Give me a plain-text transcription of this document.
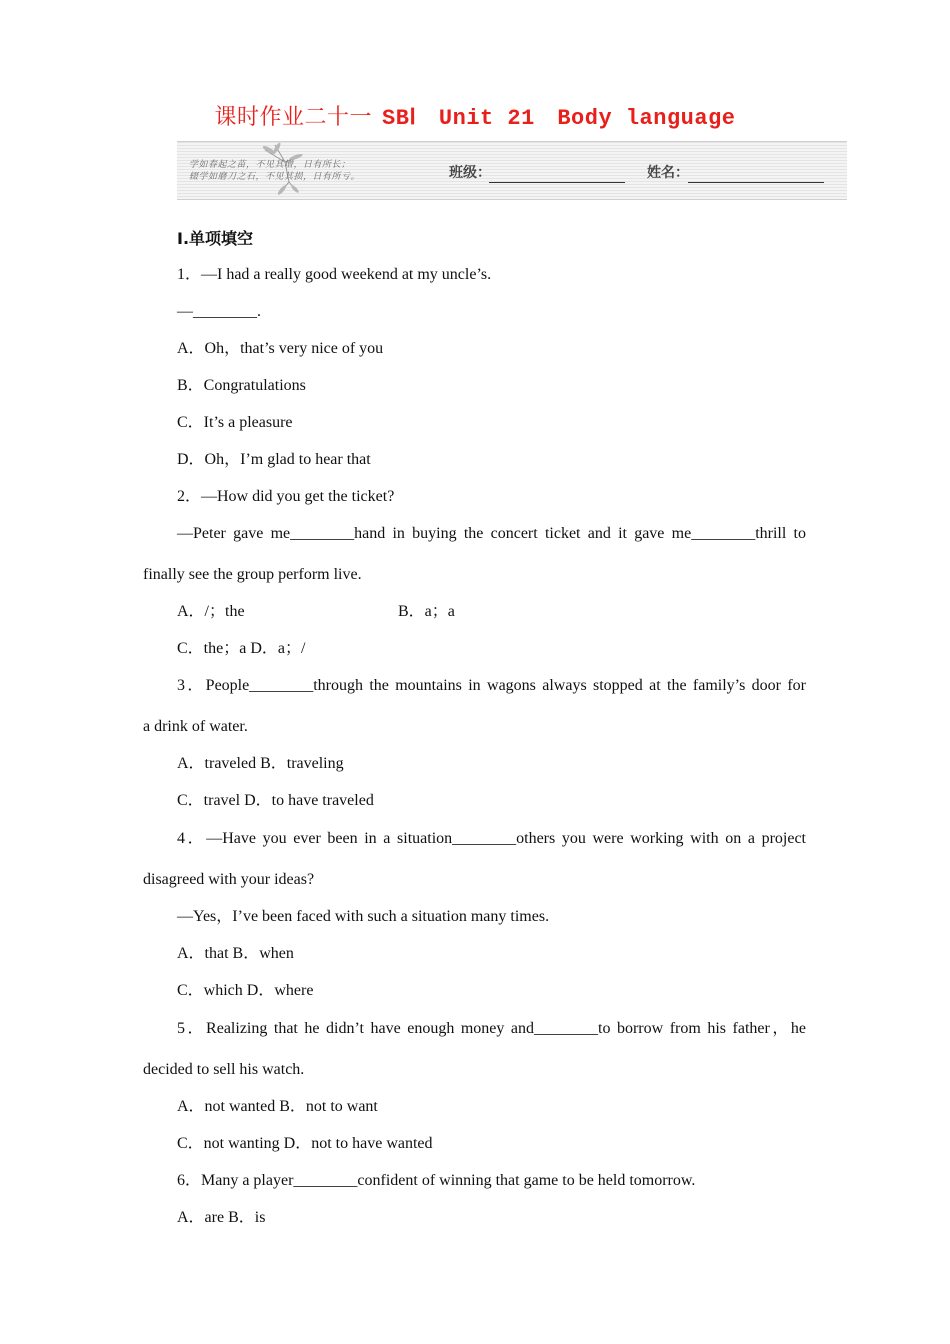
课时作业二十一 SBⅠ　Unit 21　Body language
学如春起之苗，不见其增，日有所长；
辍学如磨刀之石，不见其损，日有所亏。	班级：	姓名：
Ⅰ.单项填空
1．—I had a really good weekend at my uncle’s.
—________.
A．Oh，that’s very nice of you
B．Congratulations
C．It’s a pleasure
D．Oh，I’m glad to hear that
2．—How did you get the ticket?
—Peter gave me________hand in buying the concert ticket and it gave me________thrill to
finally see the group perform live.
A．/；the	B．a；a
C．the；a D．a；/
3．People________through the mountains in wagons always stopped at the family’s door for
a drink of water.
A．traveled B．traveling
C．travel D．to have traveled
4．—Have you ever been in a situation________others you were working with on a project
disagreed with your ideas?
—Yes，I’ve been faced with such a situation many times.
A．that B．when
C．which D．where
5．Realizing that he didn’t have enough money and________to borrow from his father，he
decided to sell his watch.
A．not wanted B．not to want
C．not wanting D．not to have wanted
6．Many a player________confident of winning that game to be held tomorrow.
A．are B．is
